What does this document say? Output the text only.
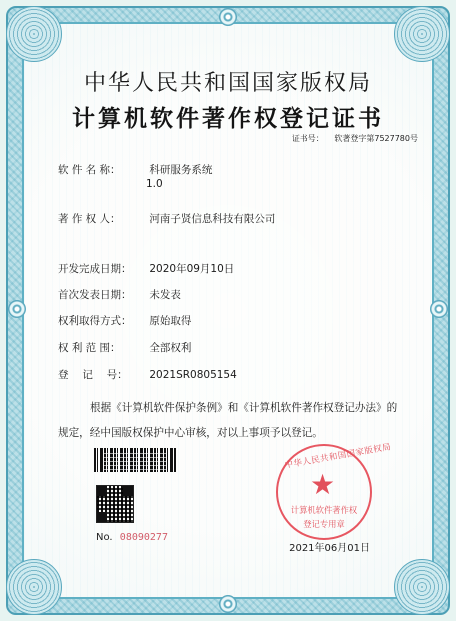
中华人民共和国国家版权局
计算机软件著作权登记证书
证书号： 软著登字第7527780号
软 件 名 称：	科研服务系统
1.0
著 作 权 人：	河南子贤信息科技有限公司
开发完成日期： 2020年09月10日
首次发表日期： 未发表
权利取得方式： 原始取得
权 利 范 围：	全部权利
登　 记　 号： 2021SR0805154
根据《计算机软件保护条例》和《计算机软件著作权登记办法》的
规定，经中国版权保护中心审核，对以上事项予以登记。
No. 08090277
中华人民共和国国家版权局
★
计算机软件著作权
登记专用章
2021年06月01日
